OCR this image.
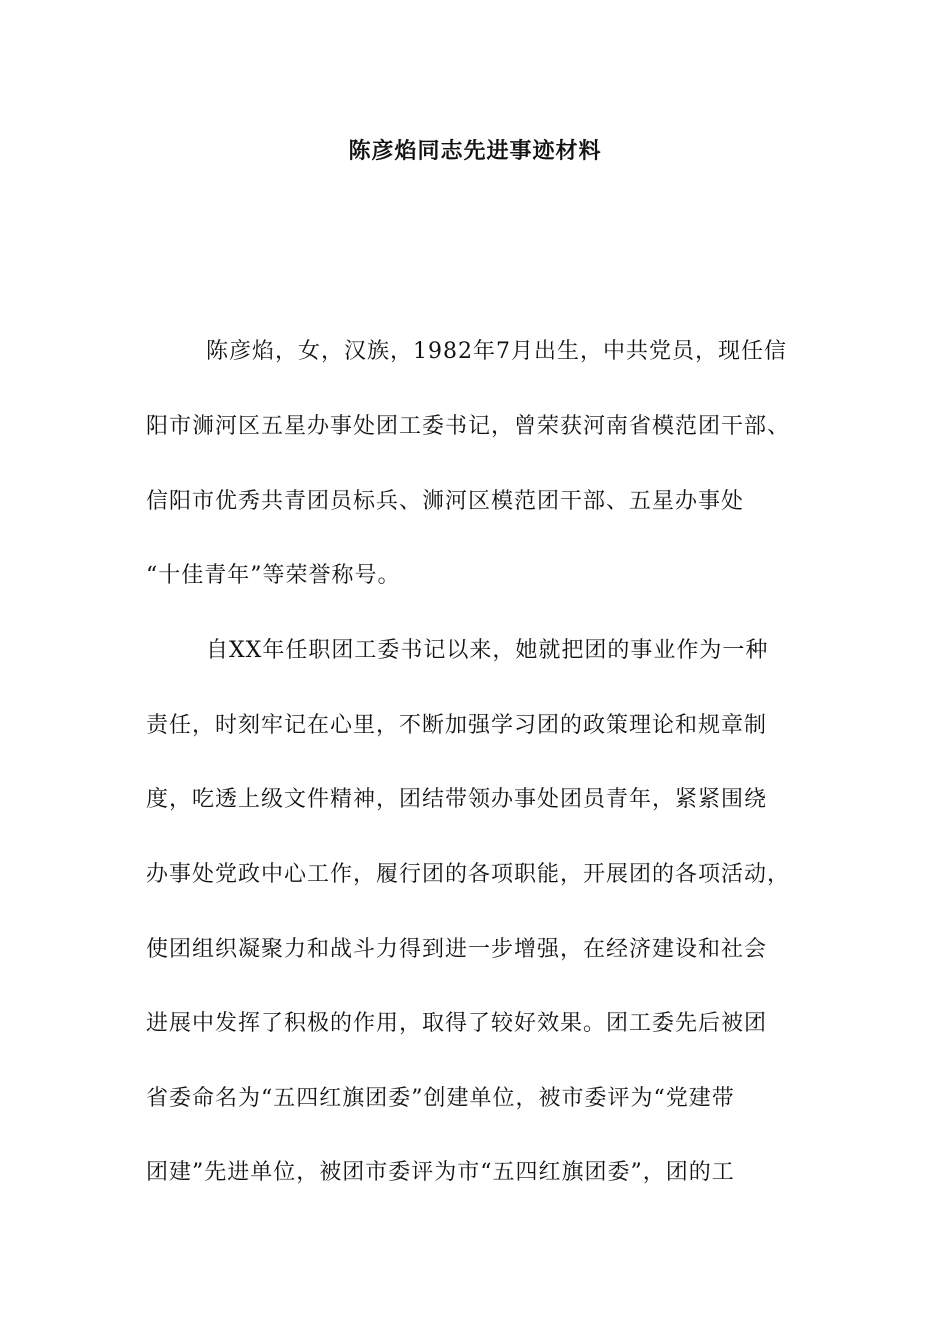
陈彦焰同志先进事迹材料
陈彦焰，女，汉族，1982年7月出生，中共党员，现任信
阳市浉河区五星办事处团工委书记，曾荣获河南省模范团干部、
信阳市优秀共青团员标兵、浉河区模范团干部、五星办事处
“十佳青年”等荣誉称号。
自XX年任职团工委书记以来，她就把团的事业作为一种
责任，时刻牢记在心里，不断加强学习团的政策理论和规章制
度，吃透上级文件精神，团结带领办事处团员青年，紧紧围绕
办事处党政中心工作，履行团的各项职能，开展团的各项活动，
使团组织凝聚力和战斗力得到进一步增强，在经济建设和社会
进展中发挥了积极的作用，取得了较好效果。团工委先后被团
省委命名为“五四红旗团委”创建单位，被市委评为“党建带
团建”先进单位，被团市委评为市“五四红旗团委”，团的工
